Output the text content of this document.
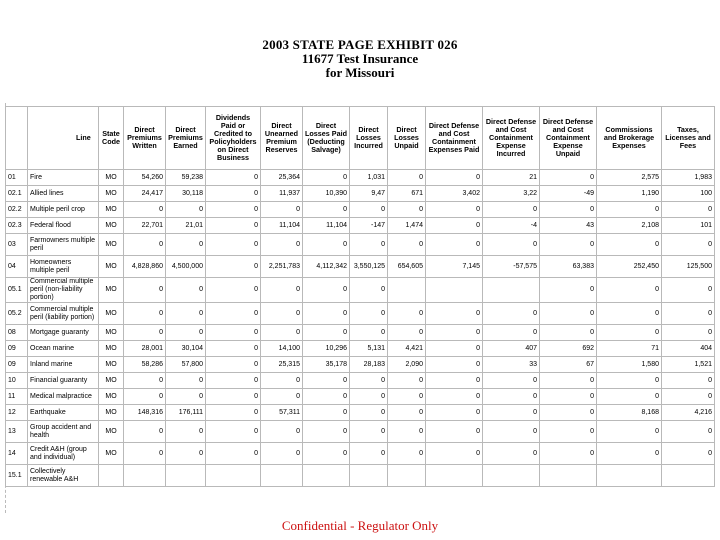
2003 STATE PAGE EXHIBIT 026
11677 Test Insurance
for Missouri
	Line	State Code	Direct Premiums Written	Direct Premiums Earned	Dividends Paid or Credited to Policyholders on Direct Business	Direct Unearned Premium Reserves	Direct Losses Paid (Deducting Salvage)	Direct Losses Incurred	Direct Losses Unpaid	Direct Defense and Cost Containment Expenses Paid	Direct Defense and Cost Containment Expense Incurred	Direct Defense and Cost Containment Expense Unpaid	Commissions and Brokerage Expenses	Taxes, Licenses and Fees
01	Fire	MO	54,260	59,238	0	25,364	0	1,031	0	0	21	0	2,575	1,983
02.1	Allied lines	MO	24,417	30,118	0	11,937	10,390	9,47	671	3,402	3,22	-49	1,190	100
02.2	Multiple peril crop	MO	0	0	0	0	0	0	0	0	0	0	0	0
02.3	Federal flood	MO	22,701	21,01	0	11,104	11,104	-147	1,474	0	-4	43	2,108	101
03	Farmowners multiple peril	MO	0	0	0	0	0	0	0	0	0	0	0	0
04	Homeowners multiple peril	MO	4,828,860	4,500,000	0	2,251,783	4,112,342	3,550,125	654,605	7,145	-57,575	63,383	252,450	125,500
05.1	Commercial multiple peril (non-liability portion)	MO	0	0	0	0	0	0				0	0	0
05.2	Commercial multiple peril (liability portion)	MO	0	0	0	0	0	0	0	0	0	0	0	0
08	Mortgage guaranty	MO	0	0	0	0	0	0	0	0	0	0	0	0
09	Ocean marine	MO	28,001	30,104	0	14,100	10,296	5,131	4,421	0	407	692	71	404
09	Inland marine	MO	58,286	57,800	0	25,315	35,178	28,183	2,090	0	33	67	1,580	1,521
10	Financial guaranty	MO	0	0	0	0	0	0	0	0	0	0	0	0
11	Medical malpractice	MO	0	0	0	0	0	0	0	0	0	0	0	0
12	Earthquake	MO	148,316	176,111	0	57,311	0	0	0	0	0	0	8,168	4,216
13	Group accident and health	MO	0	0	0	0	0	0	0	0	0	0	0	0
14	Credit A&H (group and individual)	MO	0	0	0	0	0	0	0	0	0	0	0	0
15.1	Collectively renewable A&H													
Confidential - Regulator Only
